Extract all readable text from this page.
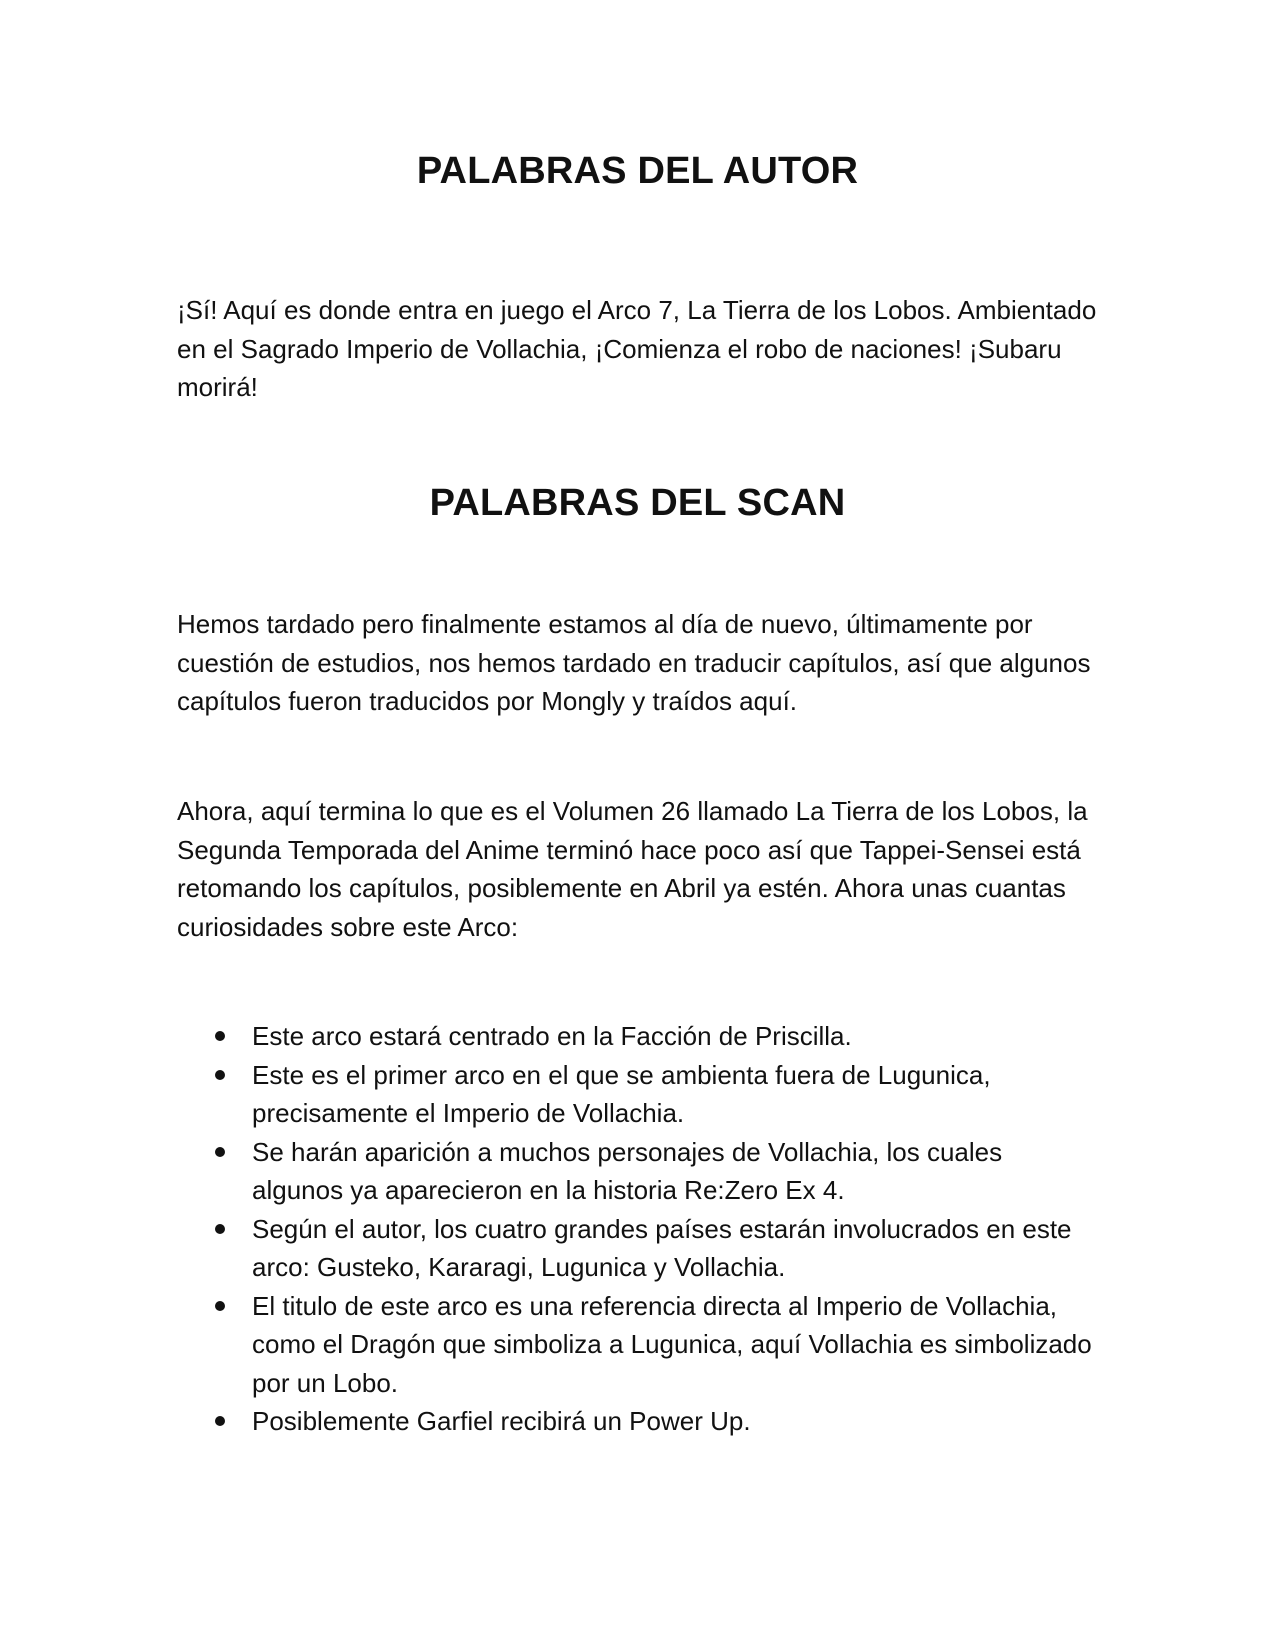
PALABRAS DEL AUTOR

¡Sí! Aquí es donde entra en juego el Arco 7, La Tierra de los Lobos. Ambientado en el Sagrado Imperio de Vollachia, ¡Comienza el robo de naciones! ¡Subaru morirá!

PALABRAS DEL SCAN

Hemos tardado pero finalmente estamos al día de nuevo, últimamente por cuestión de estudios, nos hemos tardado en traducir capítulos, así que algunos capítulos fueron traducidos por Mongly y traídos aquí.

Ahora, aquí termina lo que es el Volumen 26 llamado La Tierra de los Lobos, la Segunda Temporada del Anime terminó hace poco así que Tappei-Sensei está retomando los capítulos, posiblemente en Abril ya estén. Ahora unas cuantas curiosidades sobre este Arco:

Este arco estará centrado en la Facción de Priscilla.
Este es el primer arco en el que se ambienta fuera de Lugunica, precisamente el Imperio de Vollachia.
Se harán aparición a muchos personajes de Vollachia, los cuales algunos ya aparecieron en la historia Re:Zero Ex 4.
Según el autor, los cuatro grandes países estarán involucrados en este arco: Gusteko, Kararagi, Lugunica y Vollachia.
El titulo de este arco es una referencia directa al Imperio de Vollachia, como el Dragón que simboliza a Lugunica, aquí Vollachia es simbolizado por un Lobo.
Posiblemente Garfiel recibirá un Power Up.
